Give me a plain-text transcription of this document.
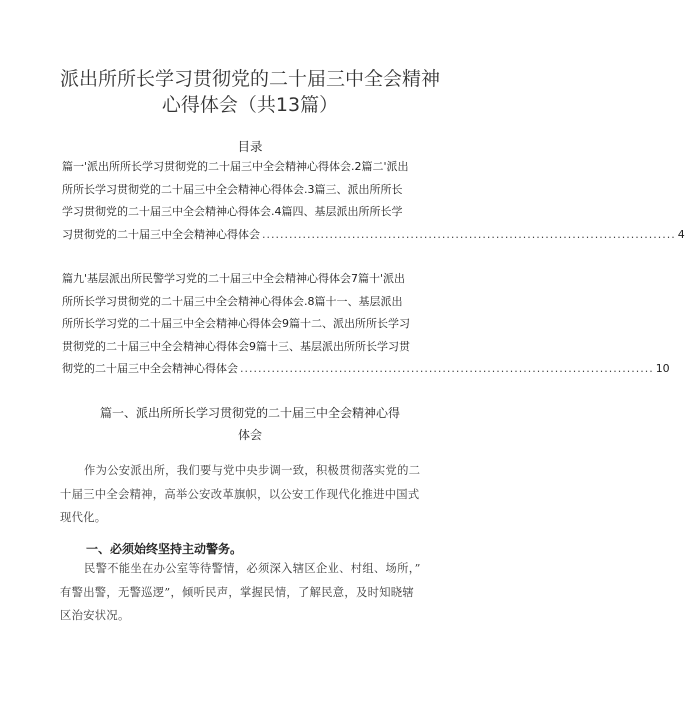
派出所所长学习贯彻党的二十届三中全会精神
心得体会（共13篇）
目录
篇一'派出所所长学习贯彻党的二十届三中全会精神心得体会.2篇二'派出
所所长学习贯彻党的二十届三中全会精神心得体会.3篇三、派出所所长
学习贯彻党的二十届三中全会精神心得体会.4篇四、基层派出所所长学
习贯彻党的二十届三中全会精神心得体会 ............................................................................................ 4
篇九'基层派出所民警学习党的二十届三中全会精神心得体会7篇十'派出
所所长学习贯彻党的二十届三中全会精神心得体会.8篇十一、基层派出
所所长学习党的二十届三中全会精神心得体会9篇十二、派出所所长学习
贯彻党的二十届三中全会精神心得体会9篇十三、基层派出所所长学习贯
彻党的二十届三中全会精神心得体会 ............................................................................................ 10
篇一、派出所所长学习贯彻党的二十届三中全会精神心得
体会
作为公安派出所，我们要与党中央步调一致，积极贯彻落实党的二
十届三中全会精神，高举公安改革旗帜，以公安工作现代化推进中国式
现代化。
一、必须始终坚持主动警务。
民警不能坐在办公室等待警情，必须深入辖区企业、村组、场所，”
有警出警，无警巡逻”，倾听民声，掌握民情，了解民意，及时知晓辖
区治安状况。
